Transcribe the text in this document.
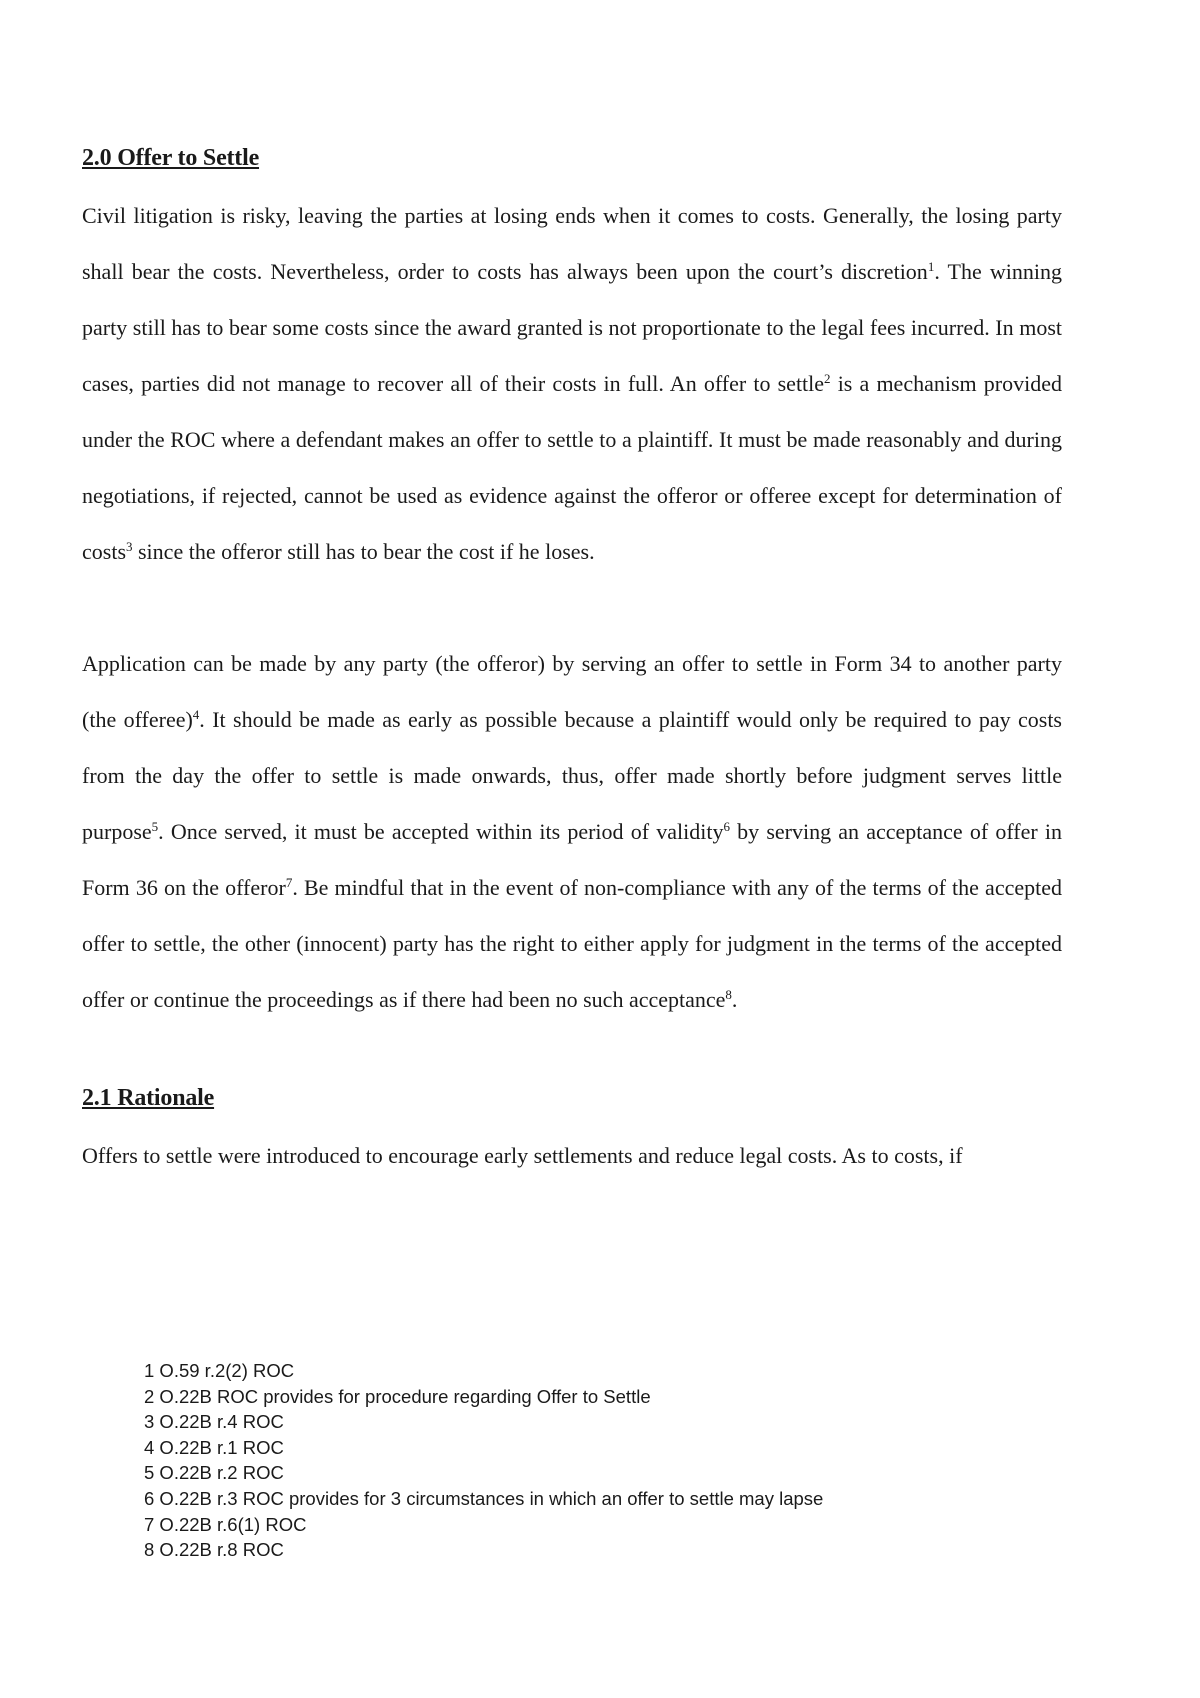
2.0 Offer to Settle

Civil litigation is risky, leaving the parties at losing ends when it comes to costs. Generally, the losing party shall bear the costs. Nevertheless, order to costs has always been upon the court’s discretion$^1$. The winning party still has to bear some costs since the award granted is not proportionate to the legal fees incurred. In most cases, parties did not manage to recover all of their costs in full. An offer to settle$^2$ is a mechanism provided under the ROC where a defendant makes an offer to settle to a plaintiff. It must be made reasonably and during negotiations, if rejected, cannot be used as evidence against the offeror or offeree except for determination of costs$^3$ since the offeror still has to bear the cost if he loses.

Application can be made by any party (the offeror) by serving an offer to settle in Form 34 to another party (the offeree)$^4$. It should be made as early as possible because a plaintiff would only be required to pay costs from the day the offer to settle is made onwards, thus, offer made shortly before judgment serves little purpose$^5$. Once served, it must be accepted within its period of validity$^6$ by serving an acceptance of offer in Form 36 on the offeror$^7$. Be mindful that in the event of non-compliance with any of the terms of the accepted offer to settle, the other (innocent) party has the right to either apply for judgment in the terms of the accepted offer or continue the proceedings as if there had been no such acceptance$^8$.

2.1 Rationale

Offers to settle were introduced to encourage early settlements and reduce legal costs. As to costs, if

1 O.59 r.2(2) ROC
2 O.22B ROC provides for procedure regarding Offer to Settle
3 O.22B r.4 ROC
4 O.22B r.1 ROC
5 O.22B r.2 ROC
6 O.22B r.3 ROC provides for 3 circumstances in which an offer to settle may lapse
7 O.22B r.6(1) ROC
8 O.22B r.8 ROC
